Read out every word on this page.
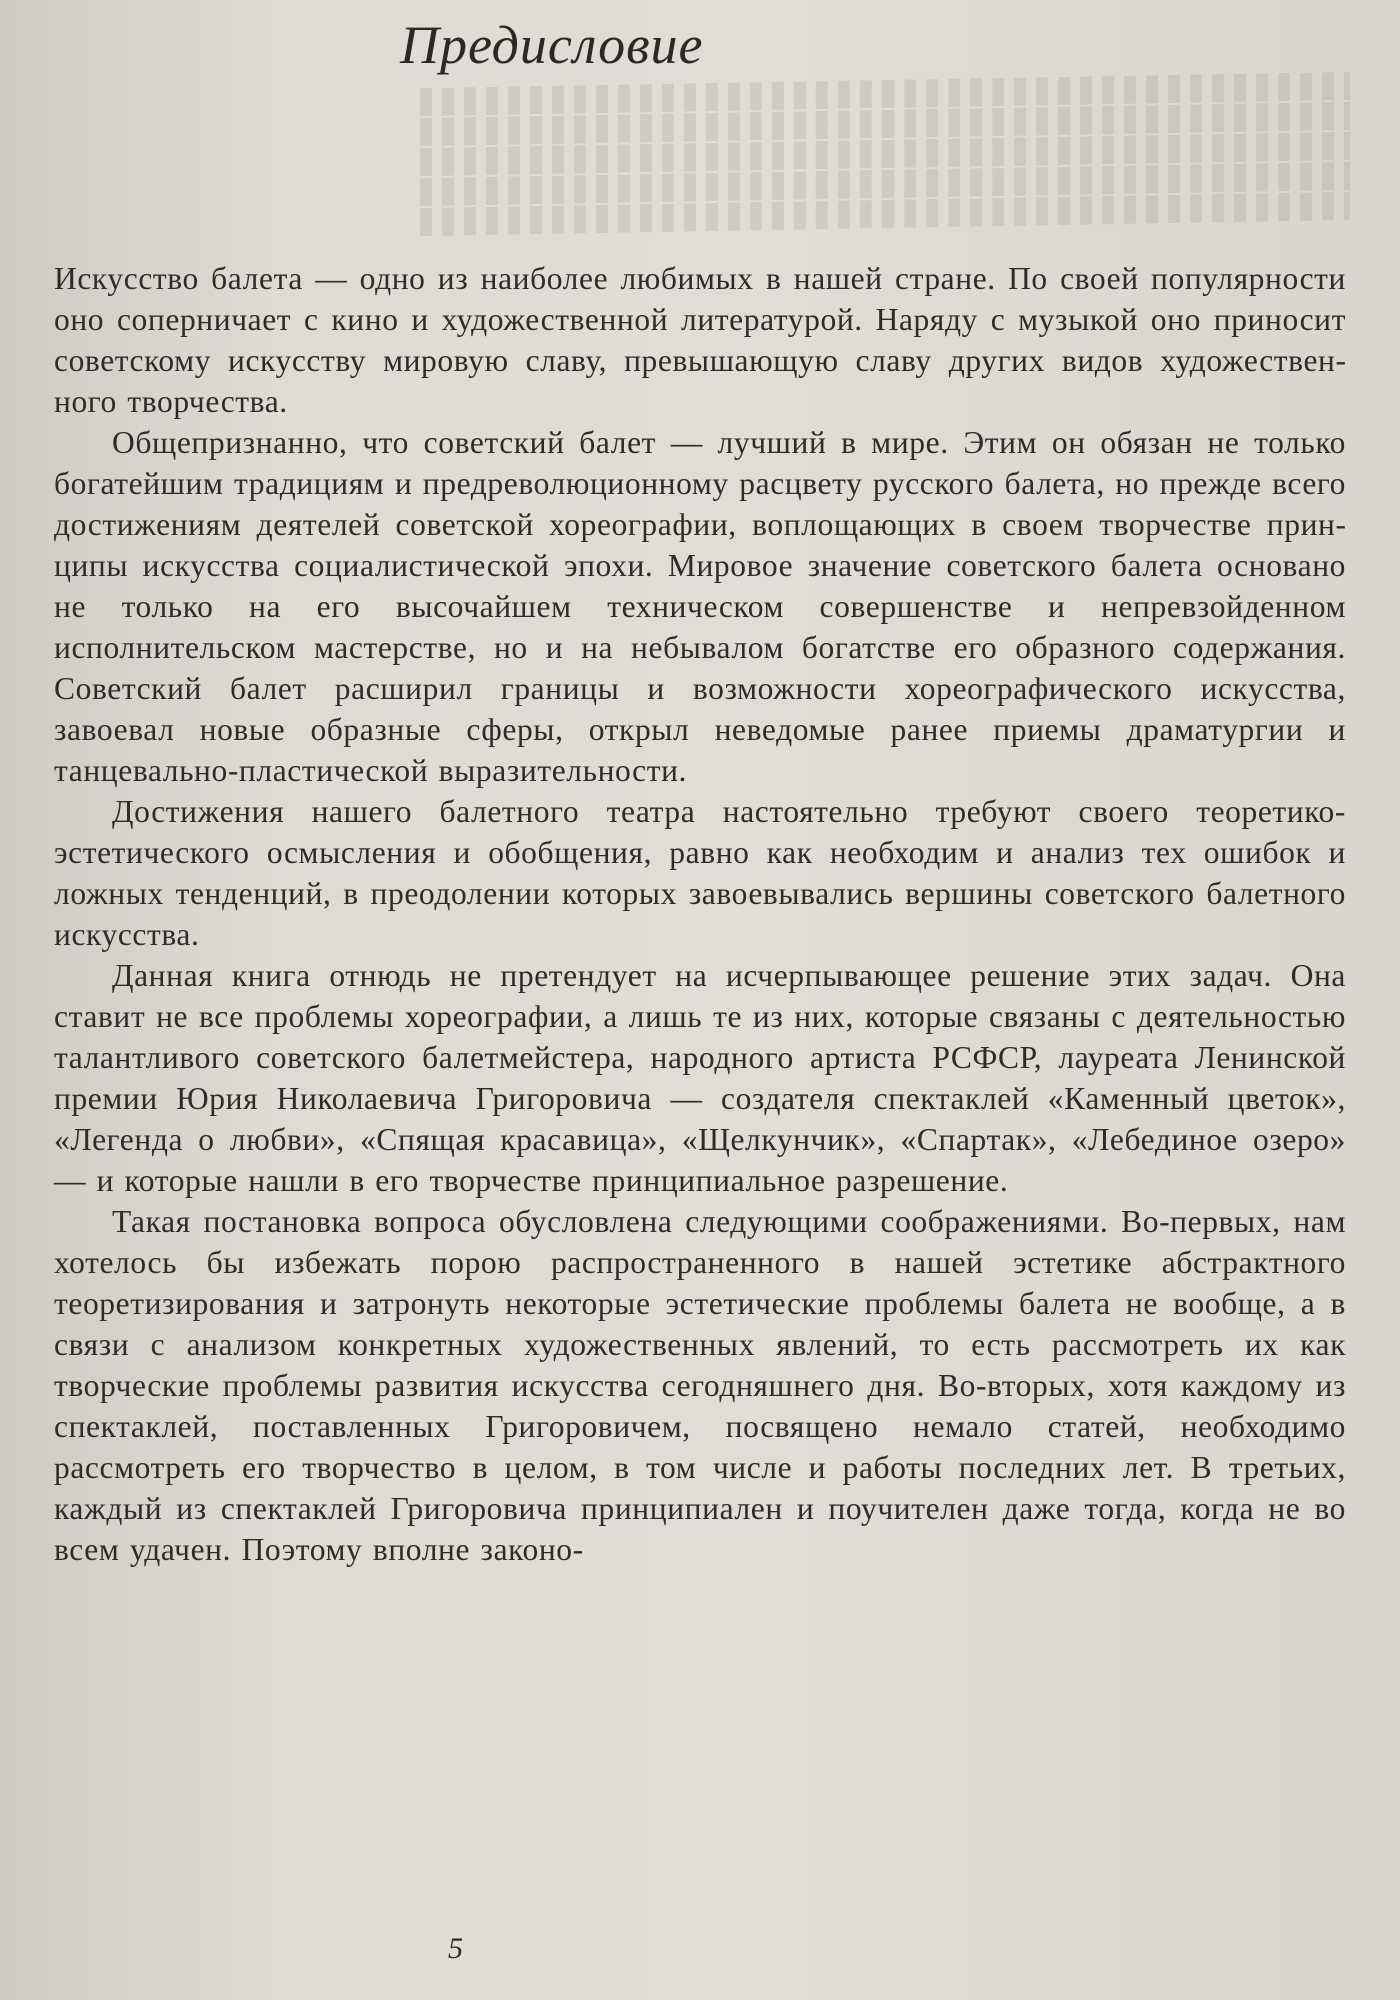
Предисловие

Искусство балета — одно из наиболее любимых в нашей стране. По своей популярности оно соперничает с кино и художественной литературой. Наряду с музыкой оно приносит советскому искусству мировую славу, превышающую славу других видов художественного творчества.

Общепризнанно, что советский балет — лучший в мире. Этим он обязан не только богатейшим традициям и предреволюционному расцвету русского балета, но прежде всего достижениям деятелей советской хореографии, воплощающих в своем творчестве принципы искусства социалистической эпохи. Мировое значение советского балета основано не только на его высочайшем техническом совершенстве и непревзойденном исполнительском мастерстве, но и на небывалом богатстве его образного содержания. Советский балет расширил границы и возможности хореографического искусства, завоевал новые образные сферы, открыл неведомые ранее приемы драматургии и танцевально-пластической выразительности.

Достижения нашего балетного театра настоятельно требуют своего теоретико-эстетического осмысления и обобщения, равно как необходим и анализ тех ошибок и ложных тенденций, в преодолении которых завоевывались вершины советского балетного искусства.

Данная книга отнюдь не претендует на исчерпывающее решение этих задач. Она ставит не все проблемы хореографии, а лишь те из них, которые связаны с деятельностью талантливого советского балетмейстера, народного артиста РСФСР, лауреата Ленинской премии Юрия Николаевича Григоровича — создателя спектаклей «Каменный цветок», «Легенда о любви», «Спящая красавица», «Щелкунчик», «Спартак», «Лебединое озеро» — и которые нашли в его творчестве принципиальное разрешение.

Такая постановка вопроса обусловлена следующими соображениями. Во-первых, нам хотелось бы избежать порою распространенного в нашей эстетике абстрактного теоретизирования и затронуть некоторые эстетические проблемы балета не вообще, а в связи с анализом конкретных художественных явлений, то есть рассмотреть их как творческие проблемы развития искусства сегодняшнего дня. Во-вторых, хотя каждому из спектаклей, поставленных Григоровичем, посвящено немало статей, необходимо рассмотреть его творчество в целом, в том числе и работы последних лет. В третьих, каждый из спектаклей Григоровича принципиален и поучителен даже тогда, когда не во всем удачен. Поэтому вполне законо-

5
